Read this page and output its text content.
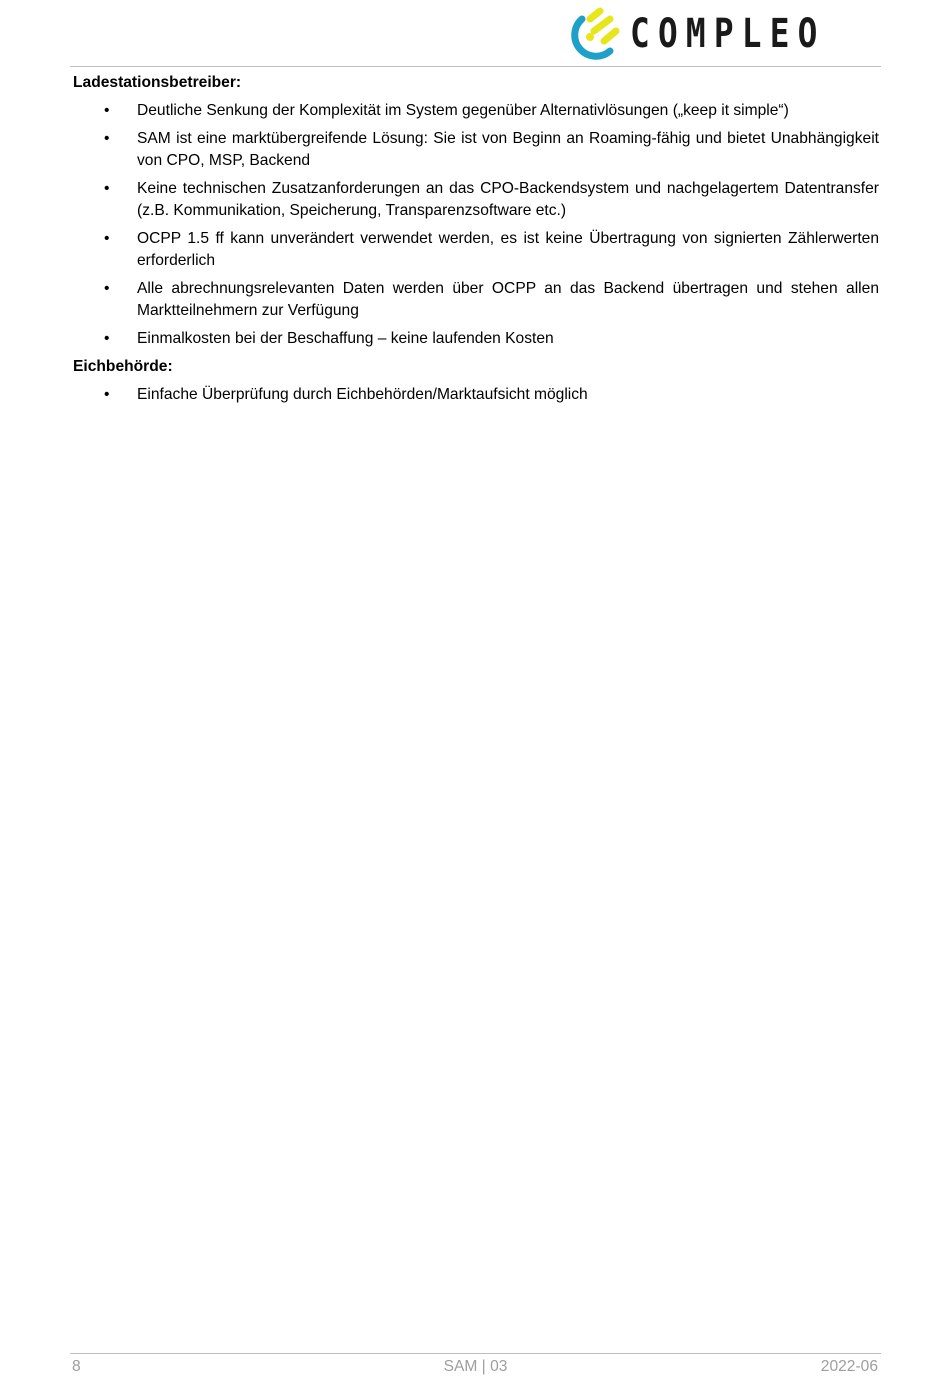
COMPLEO

Ladestationsbetreiber:

• Deutliche Senkung der Komplexität im System gegenüber Alternativlösungen („keep it simple“)
• SAM ist eine marktübergreifende Lösung: Sie ist von Beginn an Roaming-fähig und bietet Unabhängigkeit von CPO, MSP, Backend
• Keine technischen Zusatzanforderungen an das CPO-Backendsystem und nachgelagertem Datentransfer (z.B. Kommunikation, Speicherung, Transparenzsoftware etc.)
• OCPP 1.5 ff kann unverändert verwendet werden, es ist keine Übertragung von signierten Zählerwerten erforderlich
• Alle abrechnungsrelevanten Daten werden über OCPP an das Backend übertragen und stehen allen Marktteilnehmern zur Verfügung
• Einmalkosten bei der Beschaffung – keine laufenden Kosten

Eichbehörde:

• Einfache Überprüfung durch Eichbehörden/Marktaufsicht möglich
8	SAM | 03	2022-06
